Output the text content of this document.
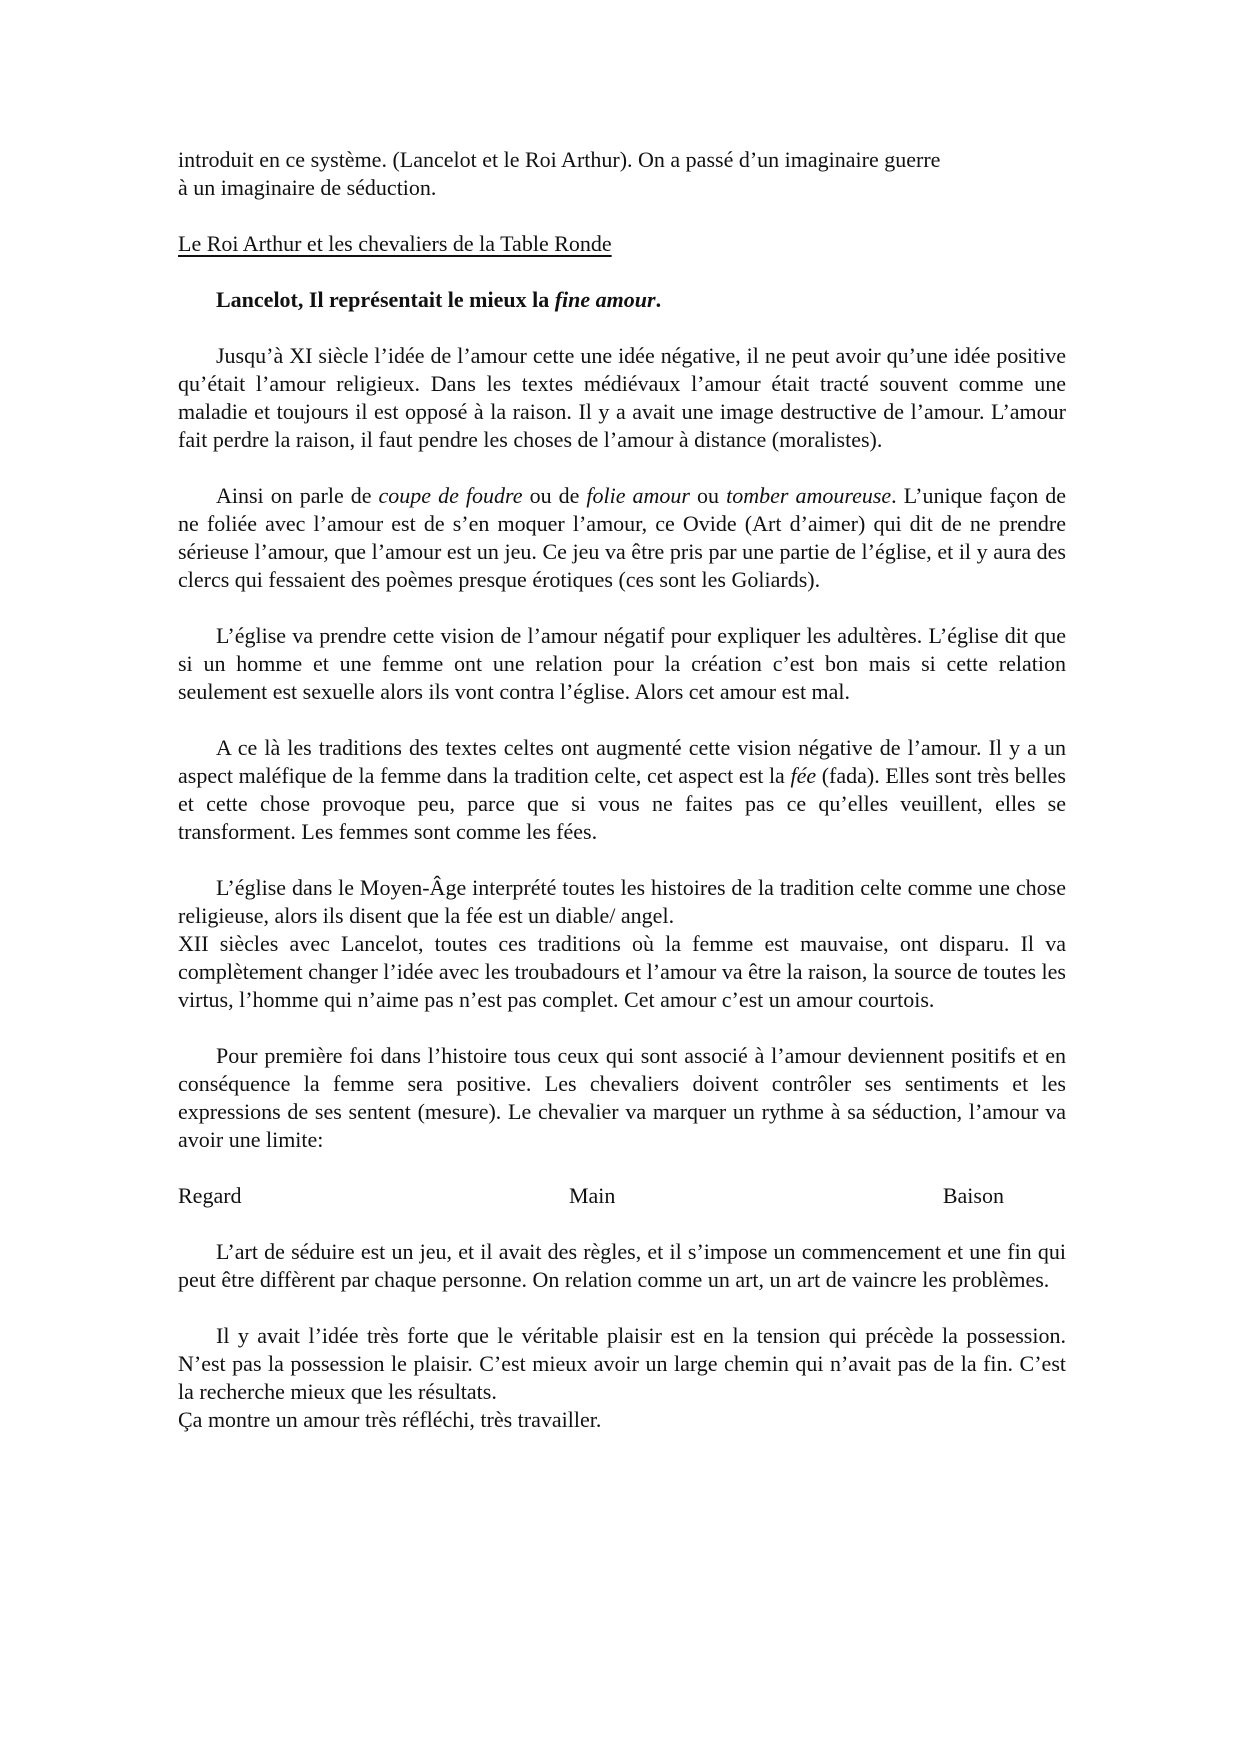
introduit en ce système. (Lancelot et le Roi Arthur). On a passé d’un imaginaire guerre

à un imaginaire de séduction.

Le Roi Arthur et les chevaliers de la Table Ronde

Lancelot, Il représentait le mieux la fine amour.

Jusqu’à XI siècle l’idée de l’amour cette une idée négative, il ne peut avoir qu’une idée positive qu’était l’amour religieux. Dans les textes médiévaux l’amour était tracté souvent comme une maladie et toujours il est opposé à la raison. Il y a avait une image destructive de l’amour. L’amour fait perdre la raison, il faut pendre les choses de l’amour à distance (moralistes).

Ainsi on parle de coupe de foudre ou de folie amour ou tomber amoureuse. L’unique façon de ne foliée avec l’amour est de s’en moquer l’amour, ce Ovide (Art d’aimer) qui dit de ne prendre sérieuse l’amour, que l’amour est un jeu. Ce jeu va être pris par une partie de l’église, et il y aura des clercs qui fessaient des poèmes presque érotiques (ces sont les Goliards).

L’église va prendre cette vision de l’amour négatif pour expliquer les adultères. L’église dit que si un homme et une femme ont une relation pour la création c’est bon mais si cette relation seulement est sexuelle alors ils vont contra l’église. Alors cet amour est mal.

A ce là les traditions des textes celtes ont augmenté cette vision négative de l’amour. Il y a un aspect maléfique de la femme dans la tradition celte, cet aspect est la fée (fada). Elles sont très belles et cette chose provoque peu, parce que si vous ne faites pas ce qu’elles veuillent, elles se transforment. Les femmes sont comme les fées.

L’église dans le Moyen-Âge interprété toutes les histoires de la tradition celte comme une chose religieuse, alors ils disent que la fée est un diable/ angel.

XII siècles avec Lancelot, toutes ces traditions où la femme est mauvaise, ont disparu. Il va complètement changer l’idée avec les troubadours et l’amour va être la raison, la source de toutes les virtus, l’homme qui n’aime pas n’est pas complet. Cet amour c’est un amour courtois.

Pour première foi dans l’histoire tous ceux qui sont associé à l’amour deviennent positifs et en conséquence la femme sera positive. Les chevaliers doivent contrôler ses sentiments et les expressions de ses sentent (mesure). Le chevalier va marquer un rythme à sa séduction, l’amour va avoir une limite:

Regard	Main	Baison

L’art de séduire est un jeu, et il avait des règles, et il s’impose un commencement et une fin qui peut être diffèrent par chaque personne. On relation comme un art, un art de vaincre les problèmes.

Il y avait l’idée très forte que le véritable plaisir est en la tension qui précède la possession. N’est pas la possession le plaisir. C’est mieux avoir un large chemin qui n’avait pas de la fin. C’est la recherche mieux que les résultats.

Ça montre un amour très réfléchi, très travailler.
